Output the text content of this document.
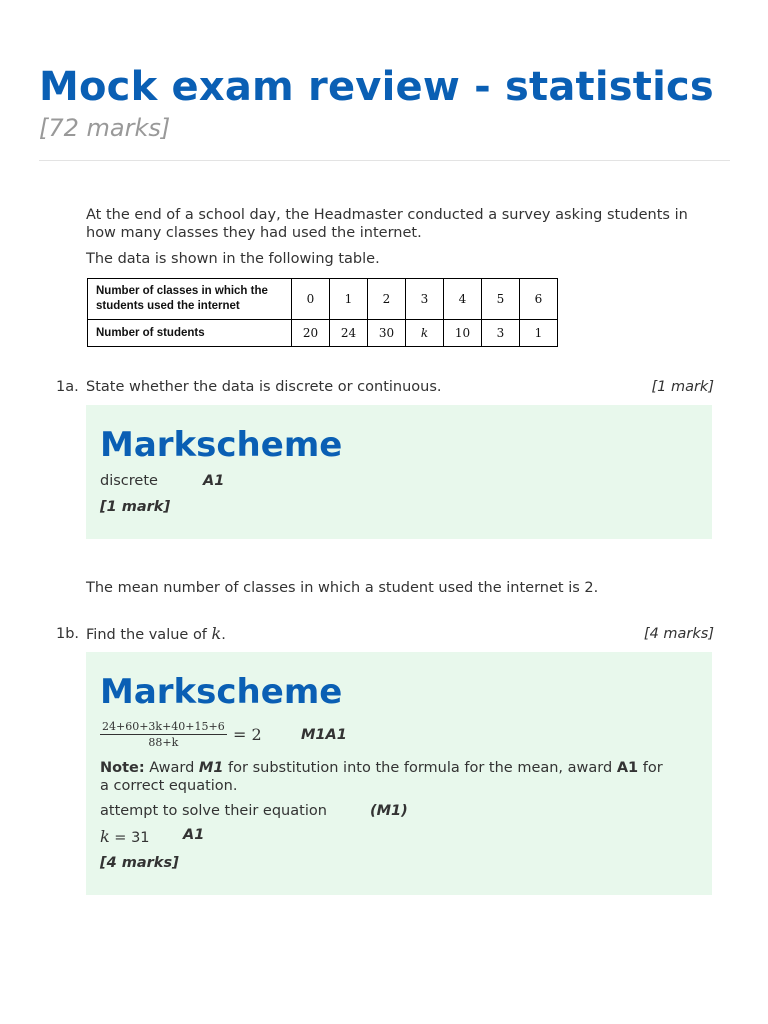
Mock exam review - statistics
[72 marks]
At the end of a school day, the Headmaster conducted a survey asking students in how many classes they had used the internet.
The data is shown in the following table.
Number of classes in which the students used the internet	0	1	2	3	4	5	6
Number of students	20	24	30	k	10	3	1
1a. State whether the data is discrete or continuous.	[1 mark]
Markscheme
discrete	A1
[1 mark]
The mean number of classes in which a student used the internet is 2.
1b. Find the value of k.	[4 marks]
Markscheme
$\frac{24+60+3k+40+15+6}{88+k} = 2$	M1A1
Note: Award M1 for substitution into the formula for the mean, award A1 for
a correct equation.
attempt to solve their equation	(M1)
k = 31 A1
[4 marks]
